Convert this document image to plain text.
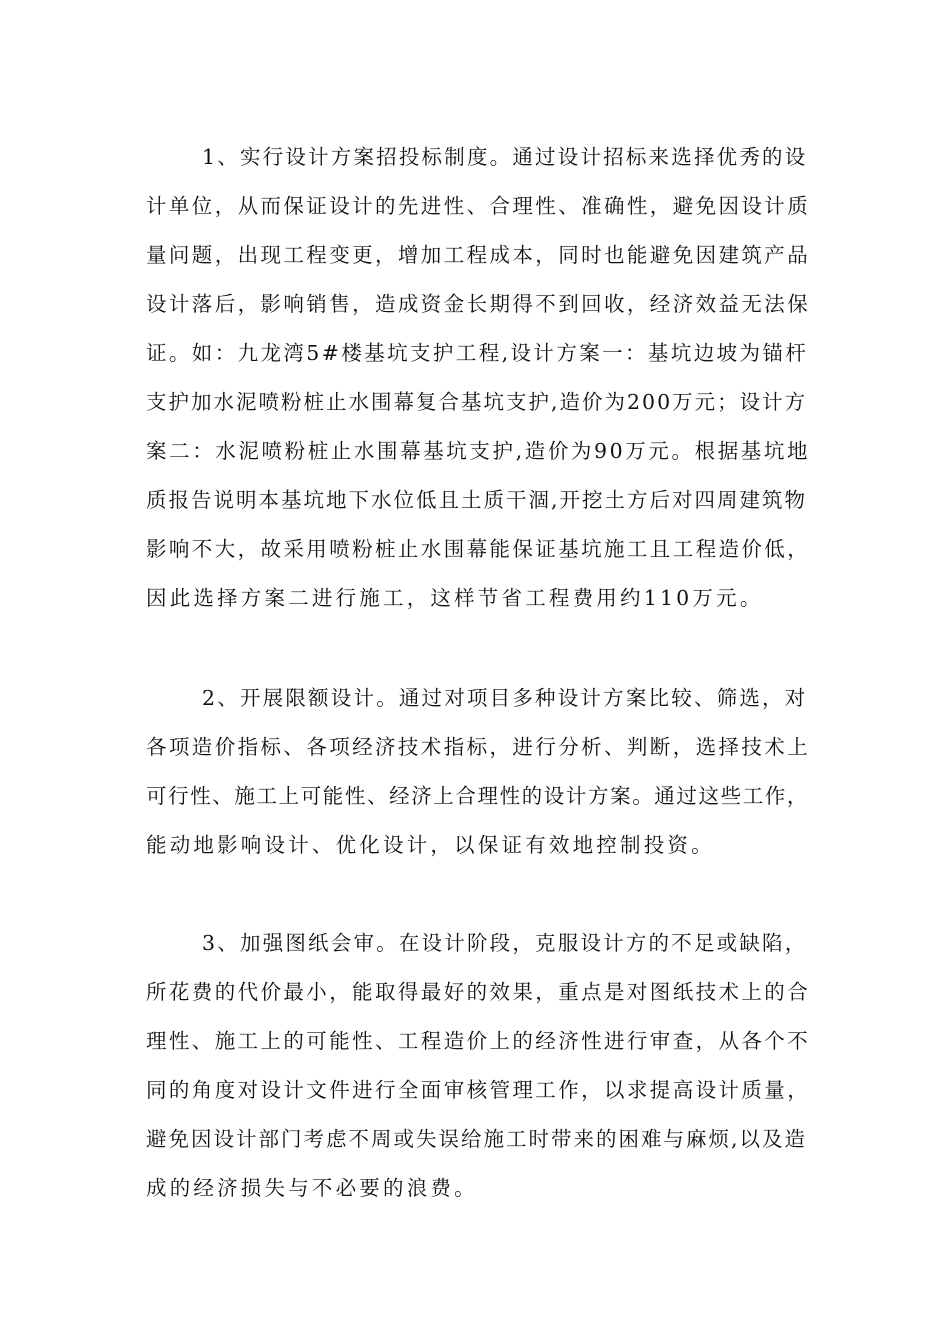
1、实行设计方案招投标制度。通过设计招标来选择优秀的设
计单位，从而保证设计的先进性、合理性、准确性，避免因设计质
量问题，出现工程变更，增加工程成本，同时也能避免因建筑产品
设计落后，影响销售，造成资金长期得不到回收，经济效益无法保
证。如：九龙湾5#楼基坑支护工程,设计方案一：基坑边坡为锚杆
支护加水泥喷粉桩止水围幕复合基坑支护,造价为200万元；设计方
案二：水泥喷粉桩止水围幕基坑支护,造价为90万元。根据基坑地
质报告说明本基坑地下水位低且土质干涸,开挖土方后对四周建筑物
影响不大，故采用喷粉桩止水围幕能保证基坑施工且工程造价低，
因此选择方案二进行施工，这样节省工程费用约110万元。
2、开展限额设计。通过对项目多种设计方案比较、筛选，对
各项造价指标、各项经济技术指标，进行分析、判断，选择技术上
可行性、施工上可能性、经济上合理性的设计方案。通过这些工作，
能动地影响设计、优化设计，以保证有效地控制投资。
3、加强图纸会审。在设计阶段，克服设计方的不足或缺陷，
所花费的代价最小，能取得最好的效果，重点是对图纸技术上的合
理性、施工上的可能性、工程造价上的经济性进行审查，从各个不
同的角度对设计文件进行全面审核管理工作，以求提高设计质量，
避免因设计部门考虑不周或失误给施工时带来的困难与麻烦,以及造
成的经济损失与不必要的浪费。
